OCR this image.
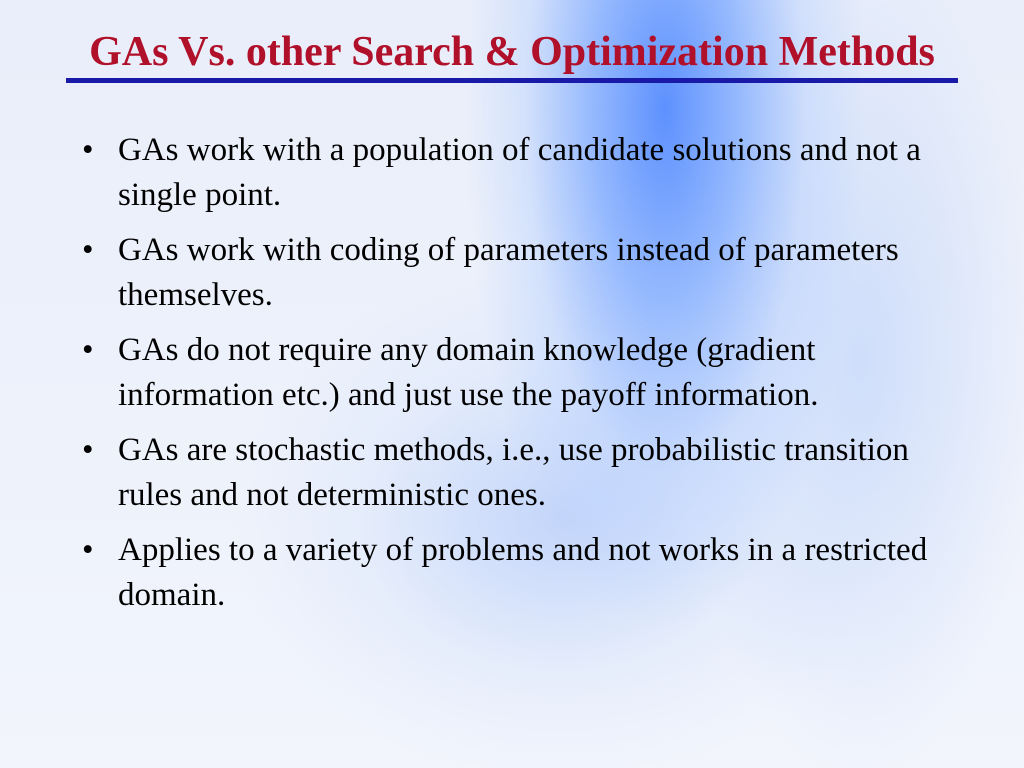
GAs Vs. other Search & Optimization Methods
• GAs work with a population of candidate solutions and not a single point.
• GAs work with coding of parameters instead of parameters themselves.
• GAs do not require any domain knowledge (gradient information etc.) and just use the payoff information.
• GAs are stochastic methods, i.e., use probabilistic transition rules and not deterministic ones.
• Applies to a variety of problems and not works in a restricted domain.
